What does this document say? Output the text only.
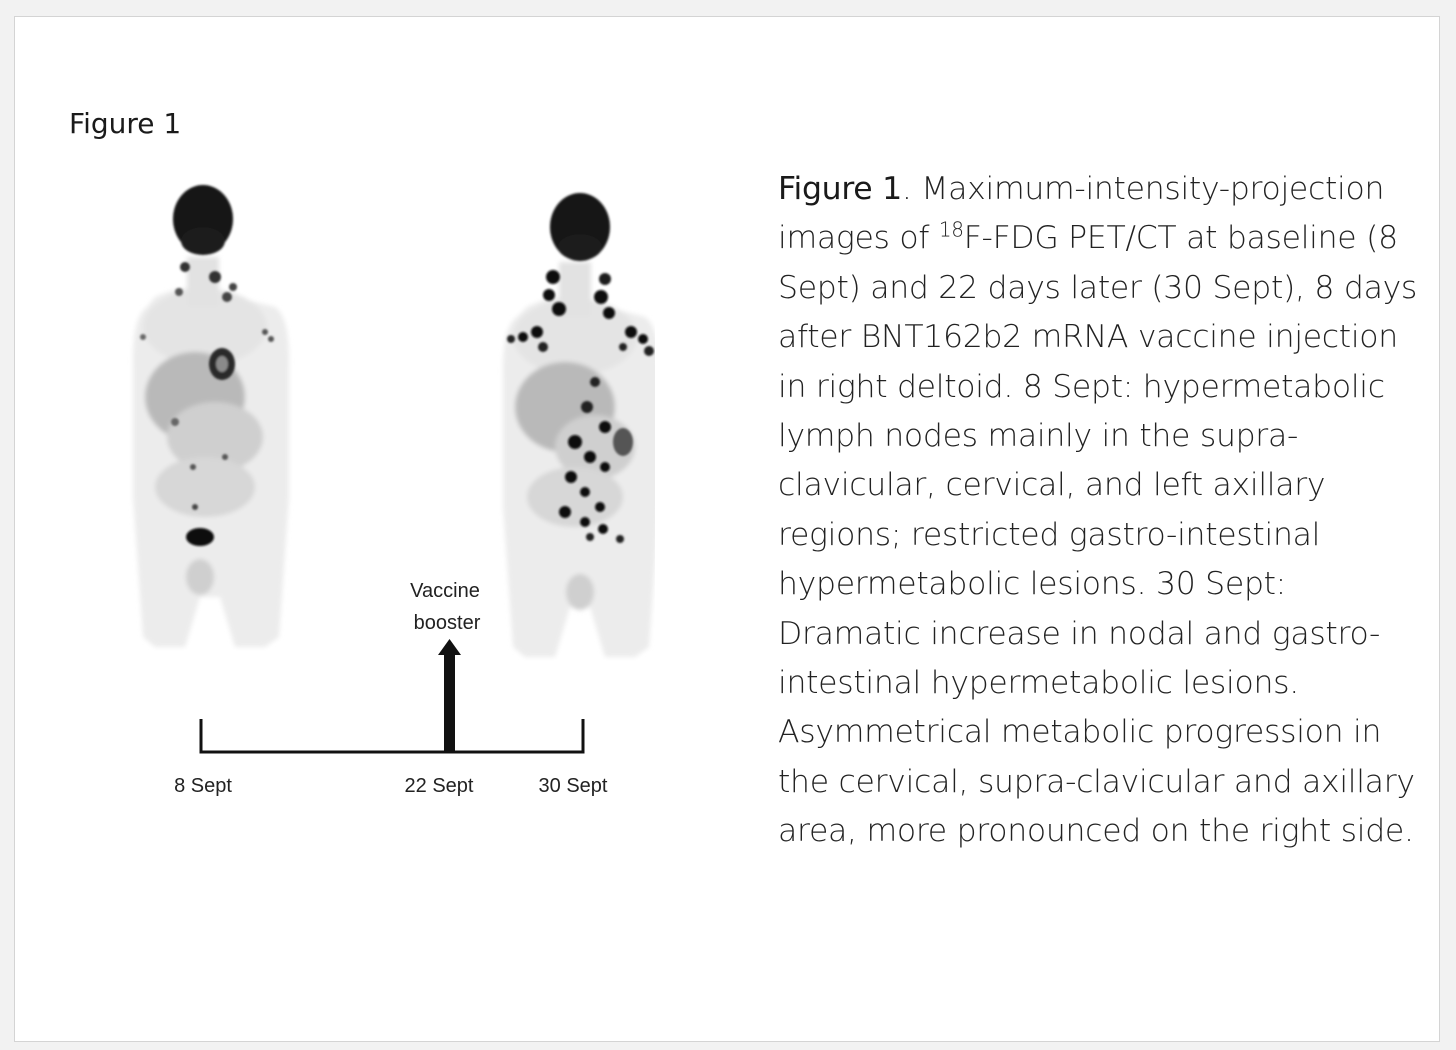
Figure 1
Vaccine
booster
8 Sept	22 Sept	30 Sept
Figure 1. Maximum-intensity-projection images of $^{18}$F-FDG PET/CT at baseline (8 Sept) and 22 days later (30 Sept), 8 days after BNT162b2 mRNA vaccine injection in right deltoid. 8 Sept: hypermetabolic lymph nodes mainly in the supra-clavicular, cervical, and left axillary regions; restricted gastro-intestinal hypermetabolic lesions. 30 Sept: Dramatic increase in nodal and gastro-intestinal hypermetabolic lesions. Asymmetrical metabolic progression in the cervical, supra-clavicular and axillary area, more pronounced on the right side.
